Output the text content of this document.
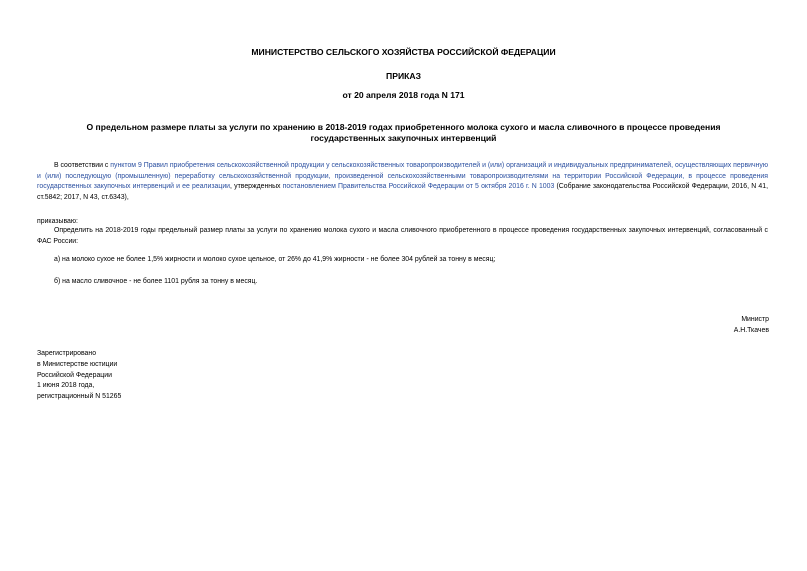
МИНИСТЕРСТВО СЕЛЬСКОГО ХОЗЯЙСТВА РОССИЙСКОЙ ФЕДЕРАЦИИ
ПРИКАЗ
от 20 апреля 2018 года N 171
О предельном размере платы за услуги по хранению в 2018-2019 годах приобретенного молока сухого и масла сливочного в процессе проведения государственных закупочных интервенций
В соответствии с пунктом 9 Правил приобретения сельскохозяйственной продукции у сельскохозяйственных товаропроизводителей и (или) организаций и индивидуальных предпринимателей, осуществляющих первичную и (или) последующую (промышленную) переработку сельскохозяйственной продукции, произведенной сельскохозяйственными товаропроизводителями на территории Российской Федерации, в процессе проведения государственных закупочных интервенций и ее реализации, утвержденных постановлением Правительства Российской Федерации от 5 октября 2016 г. N 1003 (Собрание законодательства Российской Федерации, 2016, N 41, ст.5842; 2017, N 43, ст.6343),
приказываю:
Определить на 2018-2019 годы предельный размер платы за услуги по хранению молока сухого и масла сливочного приобретенного в процессе проведения государственных закупочных интервенций, согласованный с ФАС России:
а) на молоко сухое не более 1,5% жирности и молоко сухое цельное, от 26% до 41,9% жирности - не более 304 рублей за тонну в месяц;
б) на масло сливочное - не более 1101 рубля за тонну в месяц.
Министр
А.Н.Ткачев
Зарегистрировано
в Министерстве юстиции
Российской Федерации
1 июня 2018 года,
регистрационный N 51265
